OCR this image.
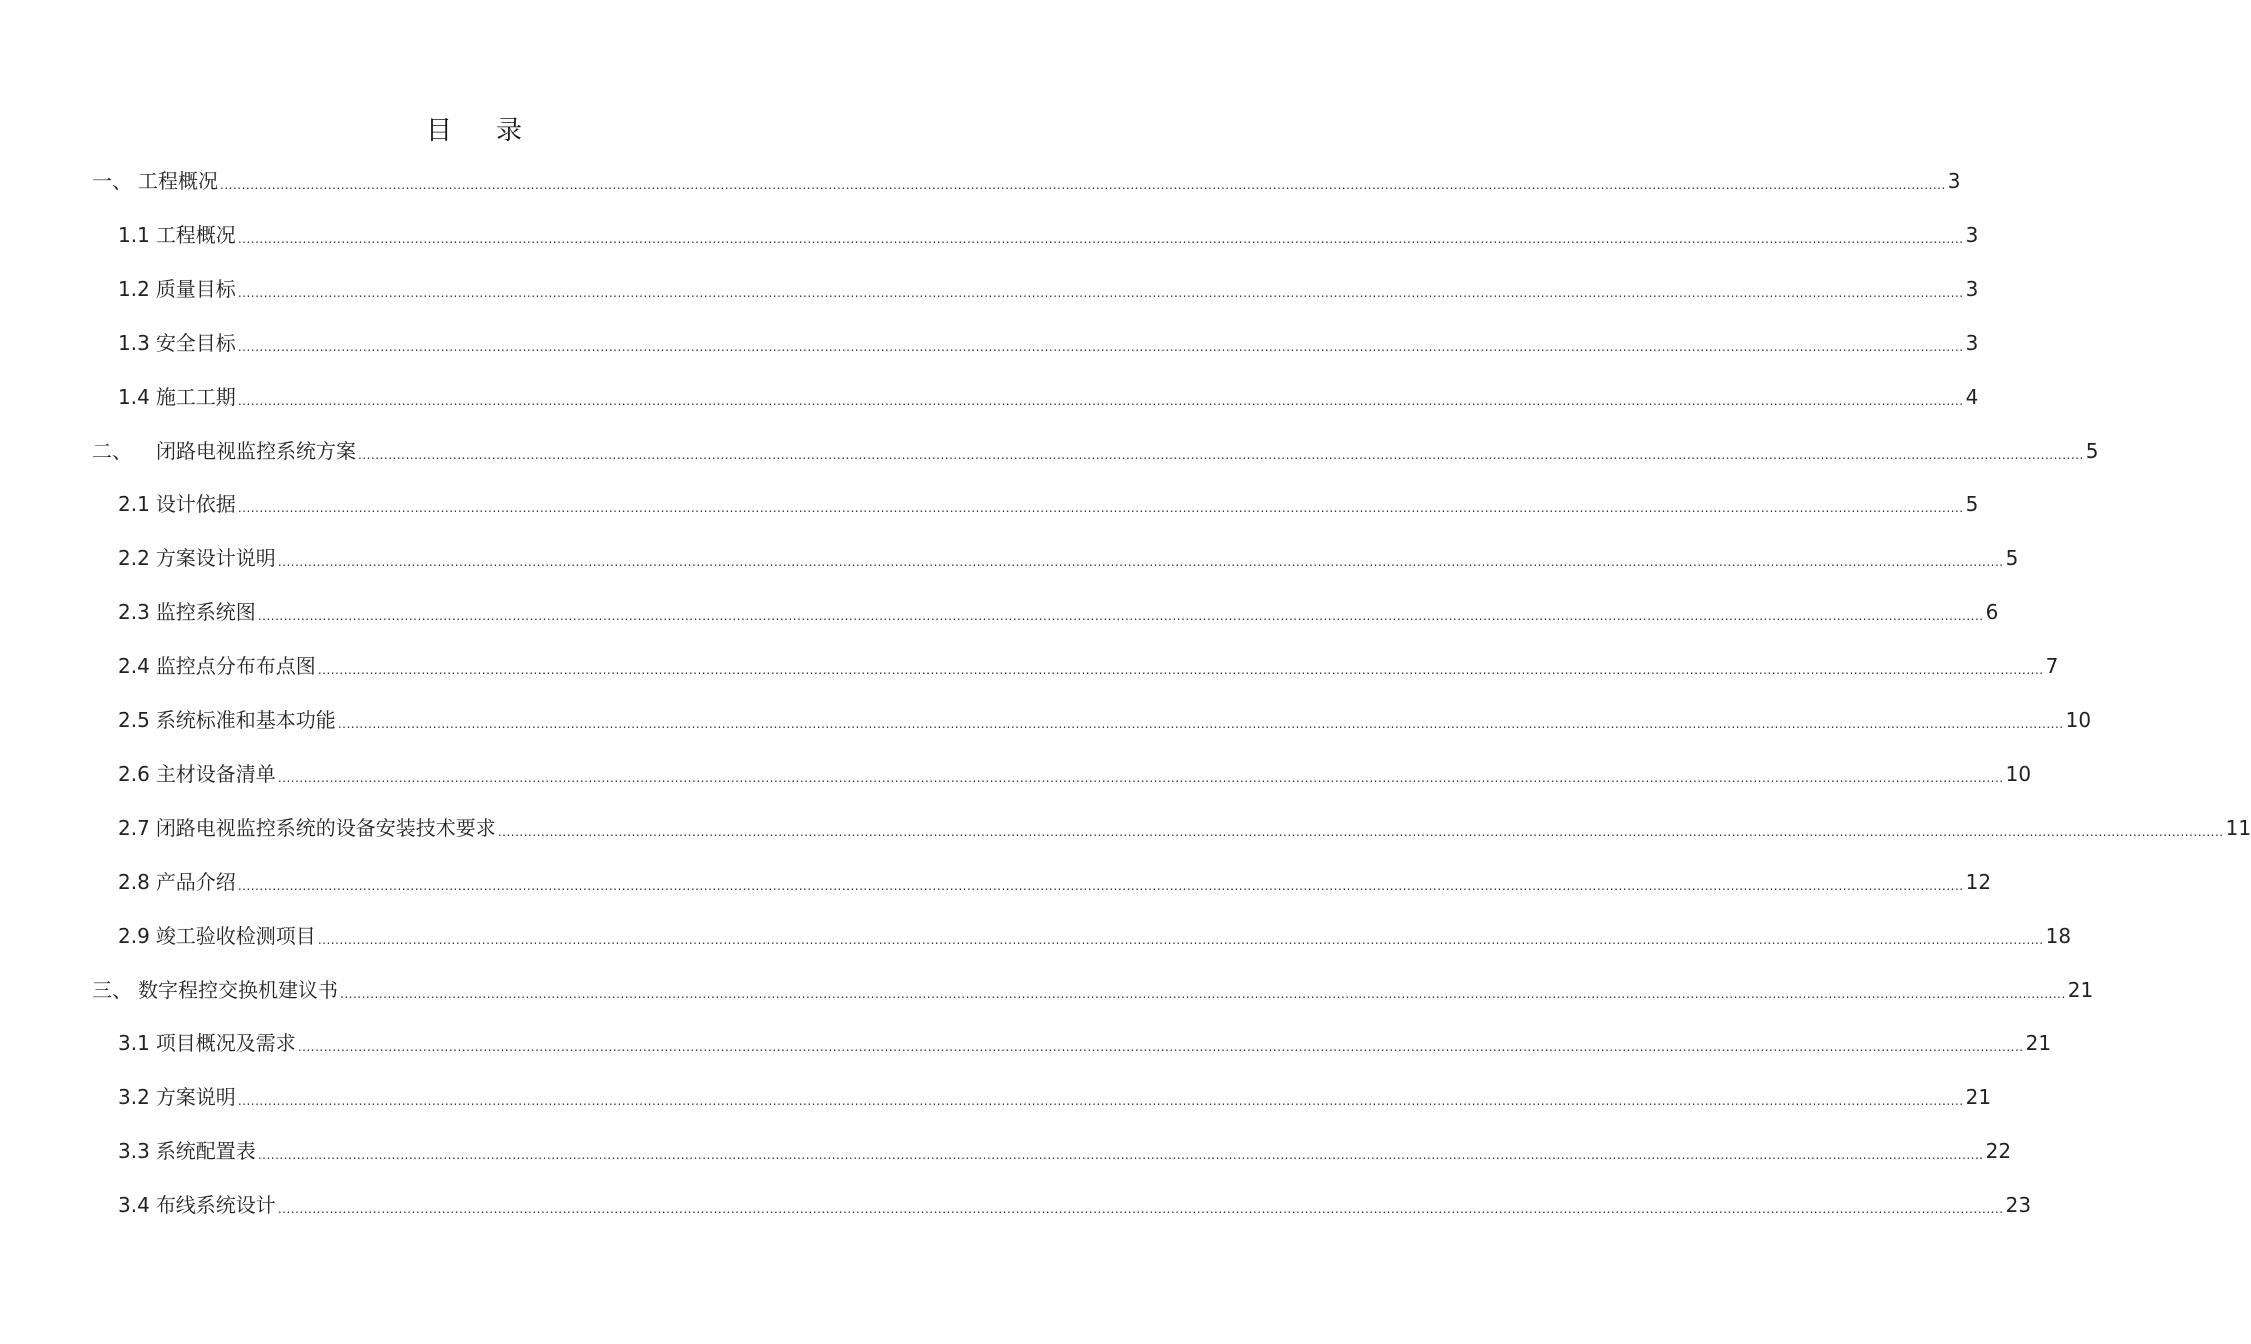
目 录
一、 工程概况 ................................................................................................................................................................................................................................................................................................................................................................................................................ 3
1.1 工程概况 ................................................................................................................................................................................................................................................................................................................................................................................................................ 3
1.2 质量目标 ................................................................................................................................................................................................................................................................................................................................................................................................................ 3
1.3 安全目标 ................................................................................................................................................................................................................................................................................................................................................................................................................ 3
1.4 施工工期 ................................................................................................................................................................................................................................................................................................................................................................................................................ 4
二、 闭路电视监控系统方案 ................................................................................................................................................................................................................................................................................................................................................................................................................ 5
2.1 设计依据 ................................................................................................................................................................................................................................................................................................................................................................................................................ 5
2.2 方案设计说明 ................................................................................................................................................................................................................................................................................................................................................................................................................ 5
2.3 监控系统图 ................................................................................................................................................................................................................................................................................................................................................................................................................ 6
2.4 监控点分布布点图 ................................................................................................................................................................................................................................................................................................................................................................................................................ 7
2.5 系统标准和基本功能 ................................................................................................................................................................................................................................................................................................................................................................................................................ 10
2.6 主材设备清单 ................................................................................................................................................................................................................................................................................................................................................................................................................ 10
2.7 闭路电视监控系统的设备安装技术要求 ................................................................................................................................................................................................................................................................................................................................................................................................................ 11
2.8 产品介绍 ................................................................................................................................................................................................................................................................................................................................................................................................................ 12
2.9 竣工验收检测项目 ................................................................................................................................................................................................................................................................................................................................................................................................................ 18
三、 数字程控交换机建议书 ................................................................................................................................................................................................................................................................................................................................................................................................................ 21
3.1 项目概况及需求 ................................................................................................................................................................................................................................................................................................................................................................................................................ 21
3.2 方案说明 ................................................................................................................................................................................................................................................................................................................................................................................................................ 21
3.3 系统配置表 ................................................................................................................................................................................................................................................................................................................................................................................................................ 22
3.4 布线系统设计 ................................................................................................................................................................................................................................................................................................................................................................................................................ 23
